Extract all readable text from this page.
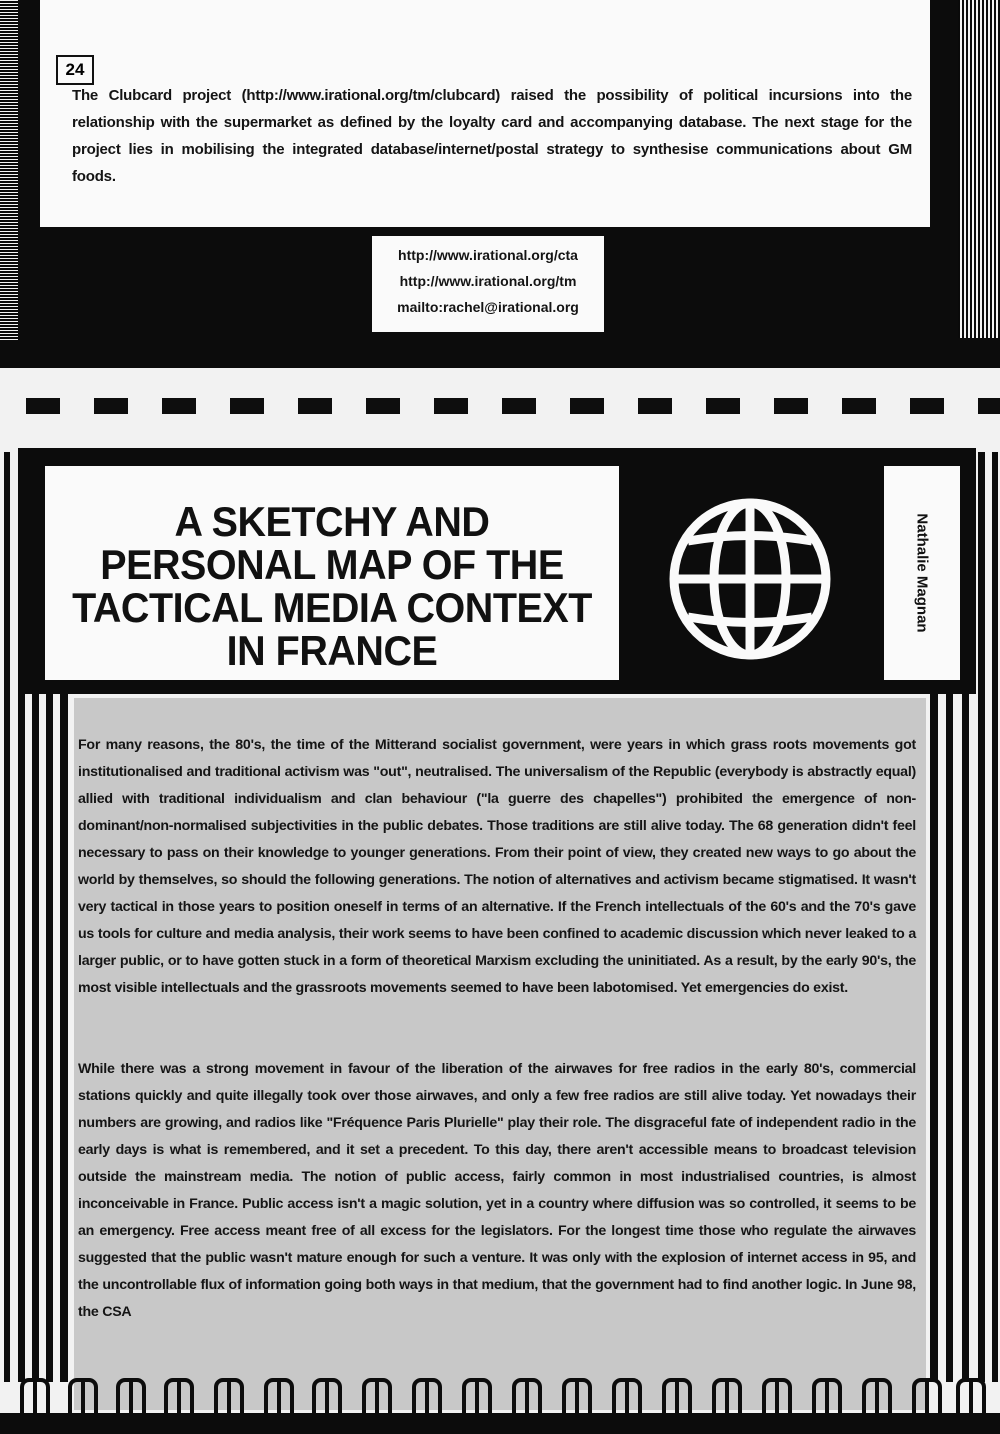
24

The Clubcard project (http://www.irational.org/tm/clubcard) raised the possibility of political incursions into the relationship with the supermarket as defined by the loyalty card and accompanying database. The next stage for the project lies in mobilising the integrated database/internet/postal strategy to synthesise communications about GM foods.

http://www.irational.org/cta
http://www.irational.org/tm
mailto:rachel@irational.org
A SKETCHY AND PERSONAL MAP OF THE TACTICAL MEDIA CONTEXT IN FRANCE
Nathalie Magnan

For many reasons, the 80's, the time of the Mitterand socialist government, were years in which grass roots movements got institutionalised and traditional activism was "out", neutralised. The universalism of the Republic (everybody is abstractly equal) allied with traditional individualism and clan behaviour ("la guerre des chapelles") prohibited the emergence of non-dominant/non-normalised subjectivities in the public debates. Those traditions are still alive today. The 68 generation didn't feel necessary to pass on their knowledge to younger generations. From their point of view, they created new ways to go about the world by themselves, so should the following generations. The notion of alternatives and activism became stigmatised. It wasn't very tactical in those years to position oneself in terms of an alternative. If the French intellectuals of the 60's and the 70's gave us tools for culture and media analysis, their work seems to have been confined to academic discussion which never leaked to a larger public, or to have gotten stuck in a form of theoretical Marxism excluding the uninitiated. As a result, by the early 90's, the most visible intellectuals and the grassroots movements seemed to have been labotomised. Yet emergencies do exist.

While there was a strong movement in favour of the liberation of the airwaves for free radios in the early 80's, commercial stations quickly and quite illegally took over those airwaves, and only a few free radios are still alive today. Yet nowadays their numbers are growing, and radios like "Fréquence Paris Plurielle" play their role. The disgraceful fate of independent radio in the early days is what is remembered, and it set a precedent. To this day, there aren't accessible means to broadcast television outside the mainstream media. The notion of public access, fairly common in most industrialised countries, is almost inconceivable in France. Public access isn't a magic solution, yet in a country where diffusion was so controlled, it seems to be an emergency. Free access meant free of all excess for the legislators. For the longest time those who regulate the airwaves suggested that the public wasn't mature enough for such a venture. It was only with the explosion of internet access in 95, and the uncontrollable flux of information going both ways in that medium, that the government had to find another logic. In June 98, the CSA
